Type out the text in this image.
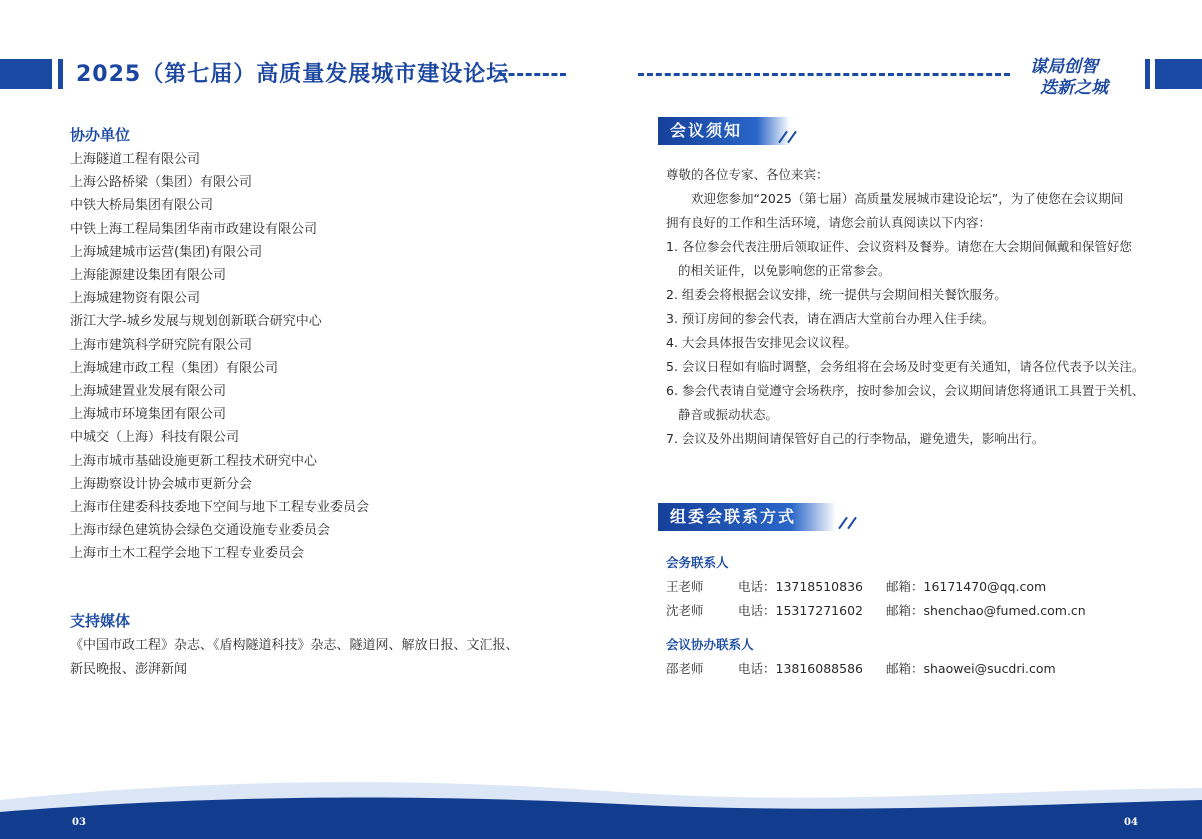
2025（第七届）高质量发展城市建设论坛	谋局创智
迭新之城
协办单位
上海隧道工程有限公司
上海公路桥梁（集团）有限公司
中铁大桥局集团有限公司
中铁上海工程局集团华南市政建设有限公司
上海城建城市运营(集团)有限公司
上海能源建设集团有限公司
上海城建物资有限公司
浙江大学-城乡发展与规划创新联合研究中心
上海市建筑科学研究院有限公司
上海城建市政工程（集团）有限公司
上海城建置业发展有限公司
上海城市环境集团有限公司
中城交（上海）科技有限公司
上海市城市基础设施更新工程技术研究中心
上海勘察设计协会城市更新分会
上海市住建委科技委地下空间与地下工程专业委员会
上海市绿色建筑协会绿色交通设施专业委员会
上海市土木工程学会地下工程专业委员会
支持媒体
《中国市政工程》杂志、《盾构隧道科技》杂志、隧道网、解放日报、文汇报、
新民晚报、澎湃新闻
会议须知

尊敬的各位专家、各位来宾：

欢迎您参加“2025（第七届）高质量发展城市建设论坛”，为了使您在会议期间

拥有良好的工作和生活环境，请您会前认真阅读以下内容：

1. 各位参会代表注册后领取证件、会议资料及餐券。请您在大会期间佩戴和保管好您

的相关证件，以免影响您的正常参会。

2. 组委会将根据会议安排，统一提供与会期间相关餐饮服务。

3. 预订房间的参会代表，请在酒店大堂前台办理入住手续。

4. 大会具体报告安排见会议议程。

5. 会议日程如有临时调整，会务组将在会场及时变更有关通知，请各位代表予以关注。

6. 参会代表请自觉遵守会场秩序，按时参加会议，会议期间请您将通讯工具置于关机、

静音或振动状态。

7. 会议及外出期间请保管好自己的行李物品，避免遗失，影响出行。

组委会联系方式
会务联系人
王老师	电话：13718510836 邮箱：16171470@qq.com
沈老师	电话：15317271602 邮箱：shenchao@fumed.com.cn
会议协办联系人
邵老师	电话：13816088586 邮箱：shaowei@sucdri.com
03	04
